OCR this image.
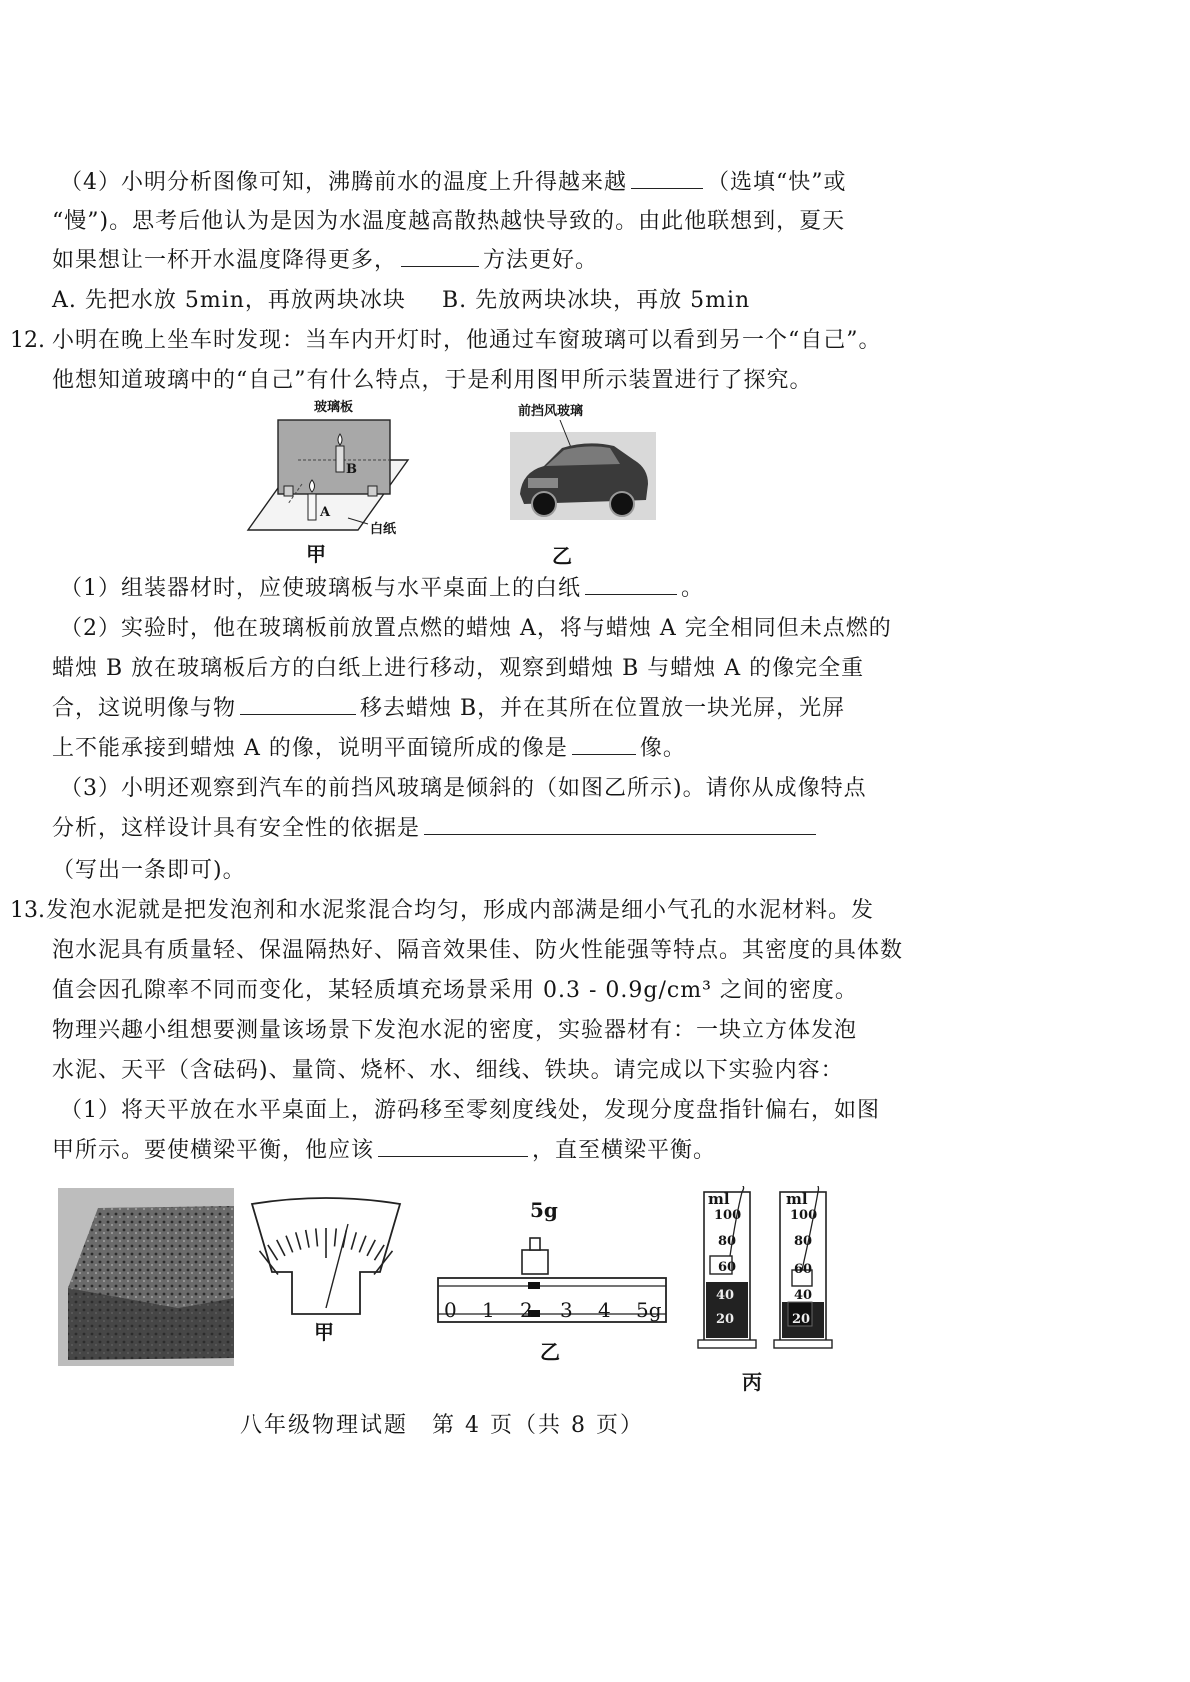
（4）小明分析图像可知，沸腾前水的温度上升得越来越	（选填“快”或
“慢”)。思考后他认为是因为水温度越高散热越快导致的。由此他联想到，夏天
如果想让一杯开水温度降得更多，	方法更好。
A. 先把水放 5min，再放两块冰块 B. 先放两块冰块，再放 5min
12. 小明在晚上坐车时发现：当车内开灯时，他通过车窗玻璃可以看到另一个“自己”。
他想知道玻璃中的“自己”有什么特点，于是利用图甲所示装置进行了探究。
玻璃板
B
A
白纸
甲
前挡风玻璃
乙
（1）组装器材时，应使玻璃板与水平桌面上的白纸	。
（2）实验时，他在玻璃板前放置点燃的蜡烛 A，将与蜡烛 A 完全相同但未点燃的
蜡烛 B 放在玻璃板后方的白纸上进行移动，观察到蜡烛 B 与蜡烛 A 的像完全重
合，这说明像与物	移去蜡烛 B，并在其所在位置放一块光屏，光屏
上不能承接到蜡烛 A 的像，说明平面镜所成的像是	像。
（3）小明还观察到汽车的前挡风玻璃是倾斜的（如图乙所示)。请你从成像特点
分析，这样设计具有安全性的依据是
（写出一条即可)。
13. 发泡水泥就是把发泡剂和水泥浆混合均匀，形成内部满是细小气孔的水泥材料。发
泡水泥具有质量轻、保温隔热好、隔音效果佳、防火性能强等特点。其密度的具体数
值会因孔隙率不同而变化，某轻质填充场景采用 0.3 - 0.9g/cm³ 之间的密度。
物理兴趣小组想要测量该场景下发泡水泥的密度，实验器材有：一块立方体发泡
水泥、天平（含砝码)、量筒、烧杯、水、细线、铁块。请完成以下实验内容：
（1）将天平放在水平桌面上，游码移至零刻度线处，发现分度盘指针偏右，如图
甲所示。要使横梁平衡，他应该	，直至横梁平衡。
甲
5g
0 1 2 3 4 5g
乙
ml	ml
100
80
60
40
20
100
80
60
40
20
丙
八年级物理试题　第 4 页（共 8 页）
